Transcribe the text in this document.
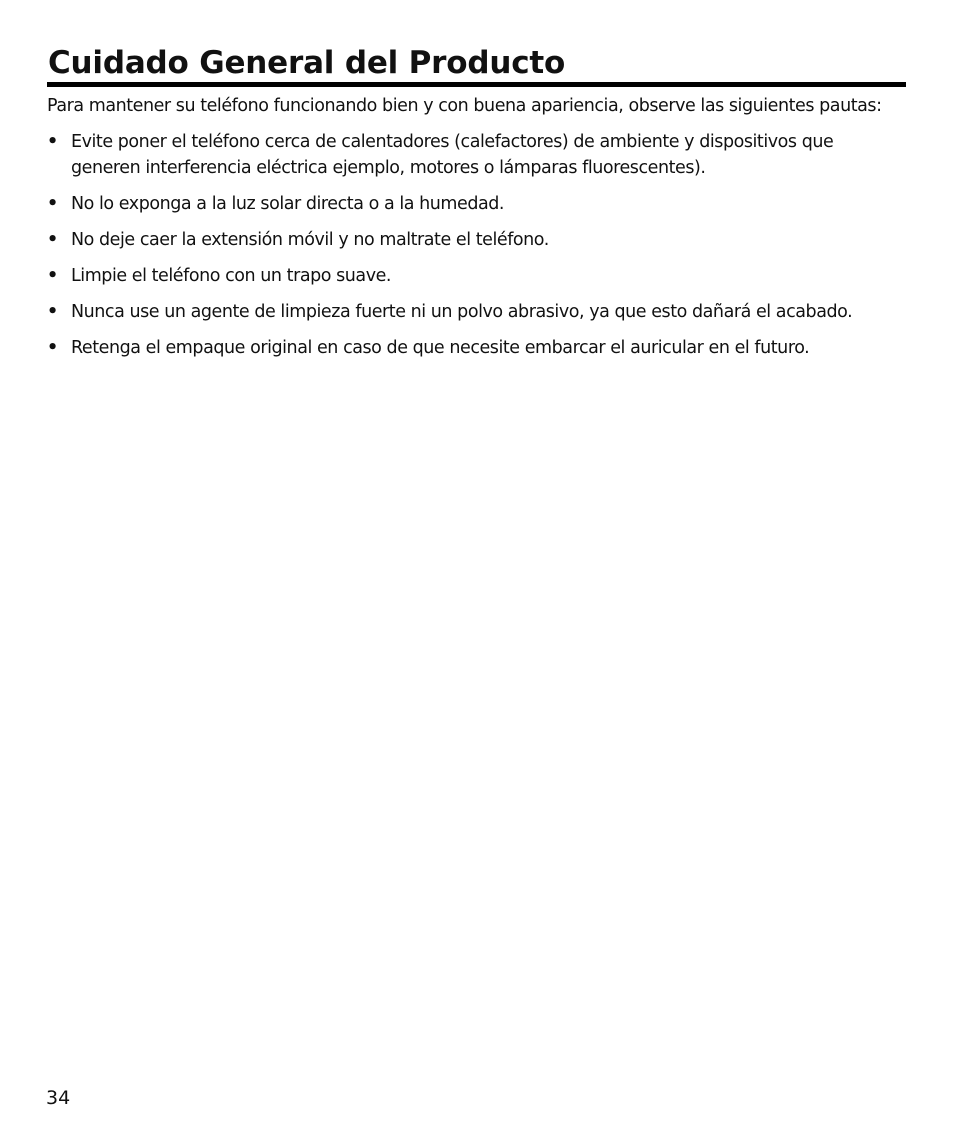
Cuidado General del Producto

Para mantener su teléfono funcionando bien y con buena apariencia, observe las siguientes pautas:

• Evite poner el teléfono cerca de calentadores (calefactores) de ambiente y dispositivos que generen interferencia eléctrica ejemplo, motores o lámparas fluorescentes).
• No lo exponga a la luz solar directa o a la humedad.
• No deje caer la extensión móvil y no maltrate el teléfono.
• Limpie el teléfono con un trapo suave.
• Nunca use un agente de limpieza fuerte ni un polvo abrasivo, ya que esto dañará el acabado.
• Retenga el empaque original en caso de que necesite embarcar el auricular en el futuro.
34
